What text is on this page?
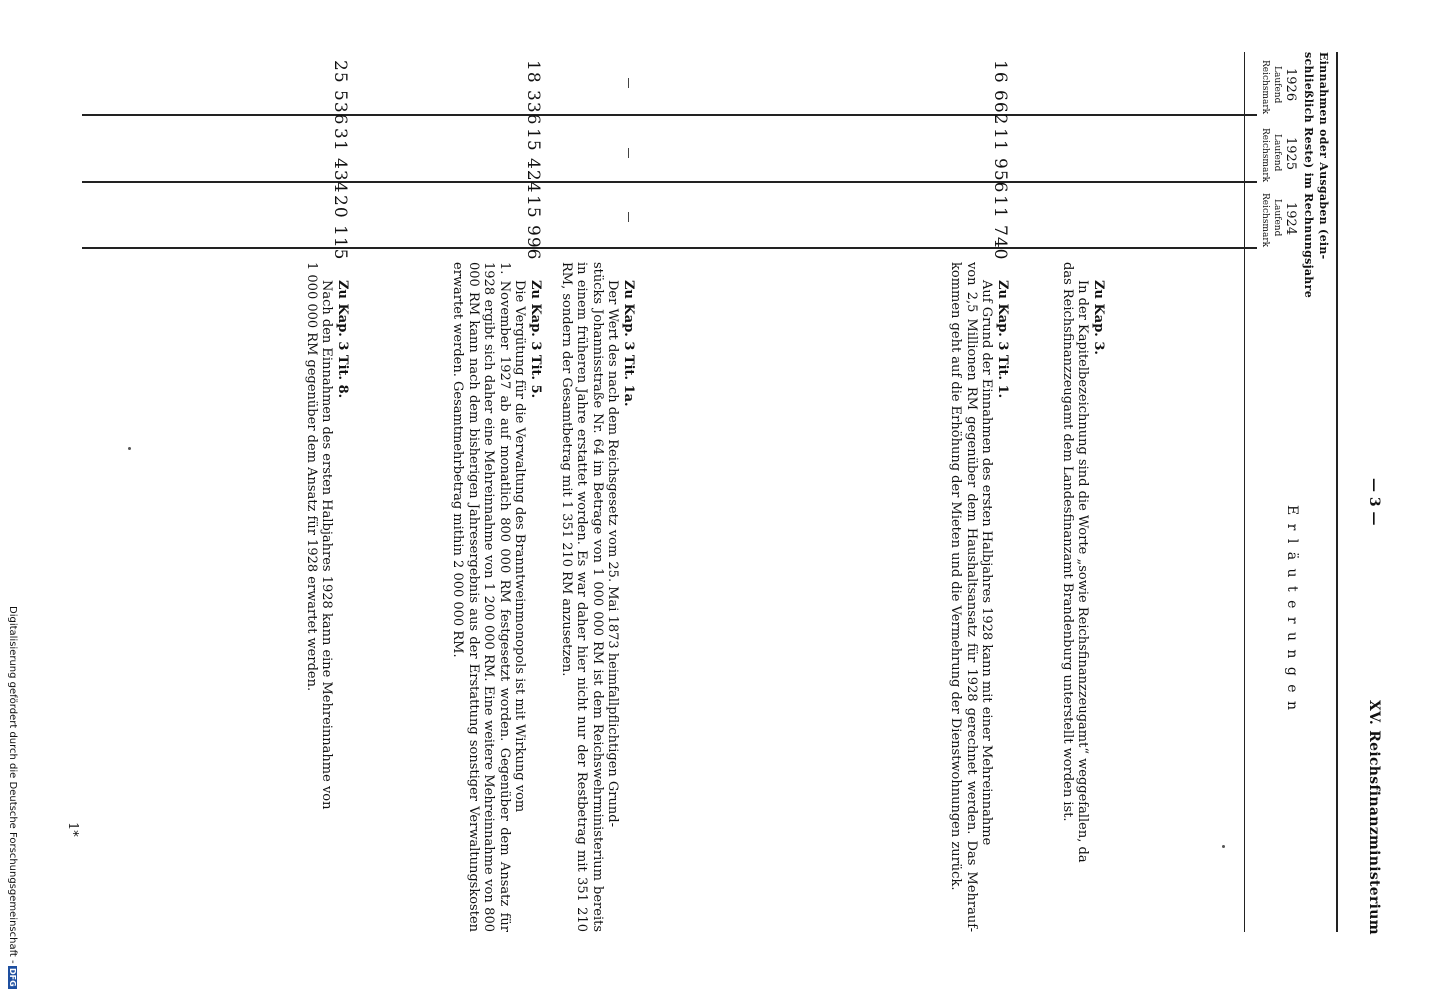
XV. Reichsfinanzministerium
— 3 —
E r l ä u t e r u n g e n
Einnahmen oder Ausgaben (ein-
schließlich Reste) im Rechnungsjahre
1926
Laufend
Reichsmark
1925
Laufend
Reichsmark
1924
Laufend
Reichsmark
16 662
11 956
11 740
18 336
15 424
15 996
25 536
31 434
20 115
Zu Kap. 3.
In der Kapitelbezeichnung sind die Worte „sowie Reichsfinanzzeugamt“ weggefallen, da
das Reichsfinanzzeugamt dem Landesfinanzamt Brandenburg unterstellt worden ist.
Zu Kap. 3 Tit. 1.
Auf Grund der Einnahmen des ersten Halbjahres 1928 kann mit einer Mehreinnahme
von 2,5 Millionen RM gegenüber dem Haushaltsansatz für 1928 gerechnet werden. Das Mehrauf- kommen geht auf die Erhöhung der Mieten und die Vermehrung der Dienstwohnungen zurück.
Zu Kap. 3 Tit. 1a.
Der Wert des nach dem Reichsgesetz vom 25. Mai 1873 heimfallpflichtigen Grund-
stücks Johannisstraße Nr. 64 im Betrage von 1 000 000 RM ist dem Reichswehrministerium bereits in einem früheren Jahre erstattet worden. Es war daher hier nicht nur der Restbetrag mit 351 210 RM, sondern der Gesamtbetrag mit 1 351 210 RM anzusetzen.
Zu Kap. 3 Tit. 5.
Die Vergütung für die Verwaltung des Branntweinmonopols ist mit Wirkung vom
1. November 1927 ab auf monatlich 800 000 RM festgesetzt worden. Gegenüber dem Ansatz für 1928 ergibt sich daher eine Mehreinnahme von 1 200 000 RM. Eine weitere Mehreinnahme von 800 000 RM kann nach dem bisherigen Jahresergebnis aus der Erstattung sonstiger Verwaltungskosten erwartet werden. Gesamtmehrbetrag mithin 2 000 000 RM.
Zu Kap. 3 Tit. 8.
Nach den Einnahmen des ersten Halbjahres 1928 kann eine Mehreinnahme von
1 000 000 RM gegenüber dem Ansatz für 1928 erwartet werden.
1*
Digitalisierung gefördert durch die Deutsche Forschungsgemeinschaft -
DFG
